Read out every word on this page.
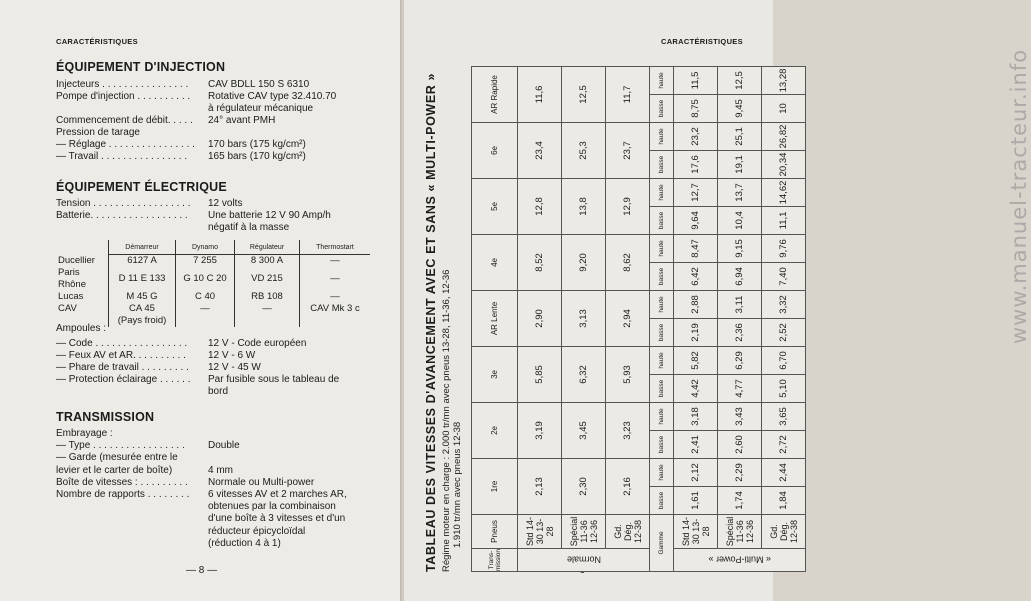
CARACTÉRISTIQUES
ÉQUIPEMENT D'INJECTION
Injecteurs . . . . . . . . . . . . . . . . CAV BDLL 150 S 6310
Pompe d'injection . . . . . . . . . . Rotative CAV type 32.410.70
à régulateur mécanique
Commencement de débit. . . . . 24° avant PMH
Pression de tarage
— Réglage . . . . . . . . . . . . . . . . 170 bars (175 kg/cm²)
— Travail . . . . . . . . . . . . . . . . 165 bars (170 kg/cm²)
ÉQUIPEMENT ÉLECTRIQUE
Tension . . . . . . . . . . . . . . . . . . 12 volts
Batterie. . . . . . . . . . . . . . . . . . Une batterie 12 V 90 Amp/h
négatif à la masse
	Démarreur	Dynamo	Régulateur	Thermostart
Ducellier	6127 A	7 255	8 300 A	—
Paris Rhône	D 11 E 133	G 10 C 20	VD 215	—
Lucas	M 45 G	C 40	RB 108	—
CAV	CA 45	—	—	CAV Mk 3 c
	(Pays froid)			
Ampoules :
— Code . . . . . . . . . . . . . . . . . 12 V - Code européen
— Feux AV et AR. . . . . . . . . . 12 V - 6 W
— Phare de travail . . . . . . . . . 12 V - 45 W
— Protection éclairage . . . . . . Par fusible sous le tableau de
bord
TRANSMISSION
Embrayage :
— Type . . . . . . . . . . . . . . . . . Double
— Garde (mesurée entre le
levier et le carter de boîte)	4 mm
Boîte de vitesses : . . . . . . . . . Normale ou Multi-power
Nombre de rapports . . . . . . . . 6 vitesses AV et 2 marches AR,
obtenues par la combinaison
d'une boîte à 3 vitesses et d'un
réducteur épicycloïdal
(réduction 4 à 1)
— 8 —
CARACTÉRISTIQUES
TABLEAU DES VITESSES D'AVANCEMENT AVEC ET SANS « MULTI-POWER » Régime moteur en charge : 2.000 tr/mn avec pneus 13-28, 11-36, 12-36 1.910 tr/mn avec pneus 12-38
Trans-mission	Pneus	1re		2e		3e		AR Lente		4e		5e		6e		AR Rapide	
Normale	Std 14-30 13-28	2,13		3,19		5,85		2,90		8,52		12,8		23,4		11,6	
	Spécial 11-36 12-36	2,30		3,45		6,32		3,13		9,20		13,8		25,3		12,5	
	Gd. Dég. 12-38	2,16		3,23		5,93		2,94		8,62		12,9		23,7		11,7	
Gamme		basse	haute	basse	haute	basse	haute	basse	haute	basse	haute	basse	haute	basse	haute	basse	haute
« Multi-Power »	Std 14-30 13-28	1,61	2,12	2,41	3,18	4,42	5,82	2,19	2,88	6,42	8,47	9,64	12,7	17,6	23,2	8,75	11,5
	Spécial 11-36 12-36	1,74	2,29	2,60	3,43	4,77	6,29	2,36	3,11	6,94	9,15	10,4	13,7	19,1	25,1	9,45	12,5
	Gd. Dég. 12-38	1,84	2,44	2,72	3,65	5,10	6,70	2,52	3,32	7,40	9,76	11,1	14,62	20,34	26,82	10	13,28	www.manuel-tracteur.info
